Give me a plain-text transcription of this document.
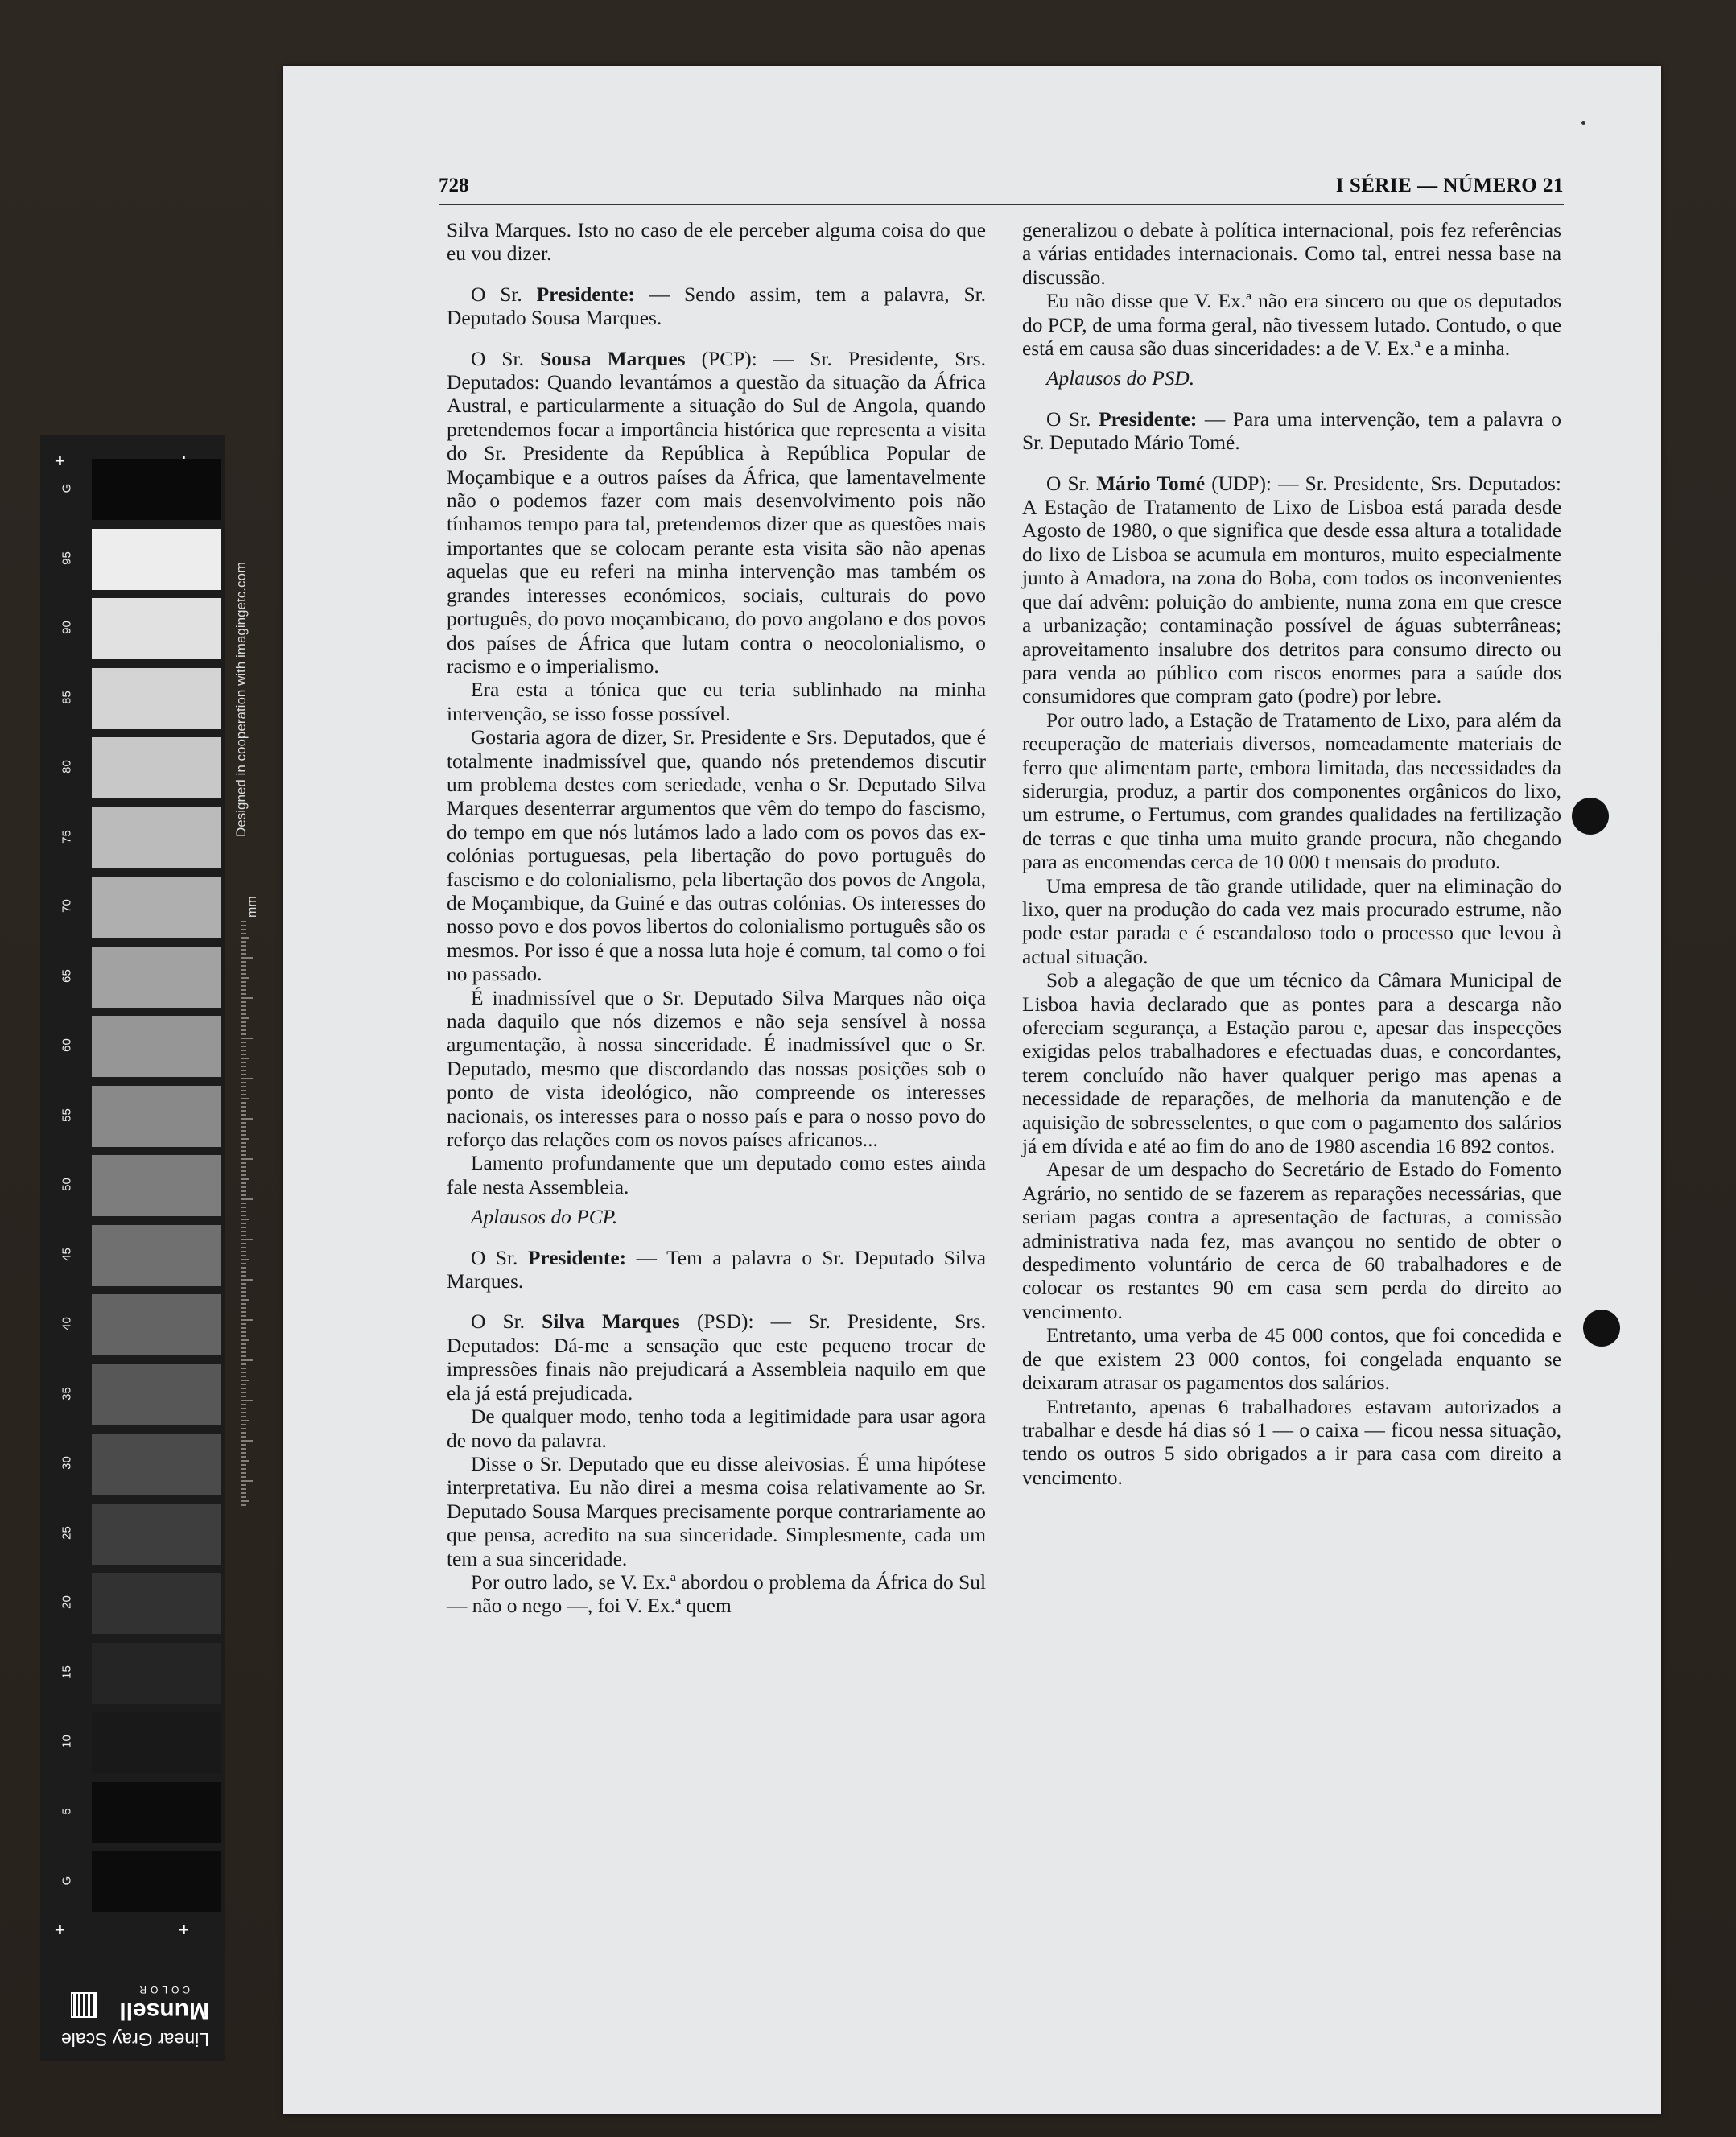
+
+	+
G
95
90
85
80
75
70
65
60
55
50
45
40
35
30
25
20
15
10
5
G
Designed in cooperation with imagingetc.com
mm
Linear Gray Scale
Munsell
COLOR
728	I SÉRIE — NÚMERO 21

Silva Marques. Isto no caso de ele perceber alguma coisa do que eu vou dizer.

O Sr. Presidente: — Sendo assim, tem a palavra, Sr. Deputado Sousa Marques.

O Sr. Sousa Marques (PCP): — Sr. Presidente, Srs. Deputados: Quando levantámos a questão da situação da África Austral, e particularmente a situação do Sul de Angola, quando pretendemos focar a importância histórica que representa a visita do Sr. Presidente da República à República Popular de Moçambique e a outros países da África, que lamentavelmente não o podemos fazer com mais desenvolvimento pois não tínhamos tempo para tal, pretendemos dizer que as questões mais importantes que se colocam perante esta visita são não apenas aquelas que eu referi na minha intervenção mas também os grandes interesses económicos, sociais, culturais do povo português, do povo moçambicano, do povo angolano e dos povos dos países de África que lutam contra o neocolonialismo, o racismo e o imperialismo.

Era esta a tónica que eu teria sublinhado na minha intervenção, se isso fosse possível.

Gostaria agora de dizer, Sr. Presidente e Srs. Deputados, que é totalmente inadmissível que, quando nós pretendemos discutir um problema destes com seriedade, venha o Sr. Deputado Silva Marques desenterrar argumentos que vêm do tempo do fascismo, do tempo em que nós lutámos lado a lado com os povos das ex-colónias portuguesas, pela libertação do povo português do fascismo e do colonialismo, pela libertação dos povos de Angola, de Moçambique, da Guiné e das outras colónias. Os interesses do nosso povo e dos povos libertos do colonialismo português são os mesmos. Por isso é que a nossa luta hoje é comum, tal como o foi no passado.

É inadmissível que o Sr. Deputado Silva Marques não oiça nada daquilo que nós dizemos e não seja sensível à nossa argumentação, à nossa sinceridade. É inadmissível que o Sr. Deputado, mesmo que discordando das nossas posições sob o ponto de vista ideológico, não compreende os interesses nacionais, os interesses para o nosso país e para o nosso povo do reforço das relações com os novos países africanos...

Lamento profundamente que um deputado como estes ainda fale nesta Assembleia.

Aplausos do PCP.

O Sr. Presidente: — Tem a palavra o Sr. Deputado Silva Marques.

O Sr. Silva Marques (PSD): — Sr. Presidente, Srs. Deputados: Dá-me a sensação que este pequeno trocar de impressões finais não prejudicará a Assembleia naquilo em que ela já está prejudicada.

De qualquer modo, tenho toda a legitimidade para usar agora de novo da palavra.

Disse o Sr. Deputado que eu disse aleivosias. É uma hipótese interpretativa. Eu não direi a mesma coisa relativamente ao Sr. Deputado Sousa Marques precisamente porque contrariamente ao que pensa, acredito na sua sinceridade. Simplesmente, cada um tem a sua sinceridade.

Por outro lado, se V. Ex.ª abordou o problema da África do Sul — não o nego —, foi V. Ex.ª quem

generalizou o debate à política internacional, pois fez referências a várias entidades internacionais. Como tal, entrei nessa base na discussão.

Eu não disse que V. Ex.ª não era sincero ou que os deputados do PCP, de uma forma geral, não tivessem lutado. Contudo, o que está em causa são duas sinceridades: a de V. Ex.ª e a minha.

Aplausos do PSD.

O Sr. Presidente: — Para uma intervenção, tem a palavra o Sr. Deputado Mário Tomé.

O Sr. Mário Tomé (UDP): — Sr. Presidente, Srs. Deputados: A Estação de Tratamento de Lixo de Lisboa está parada desde Agosto de 1980, o que significa que desde essa altura a totalidade do lixo de Lisboa se acumula em monturos, muito especialmente junto à Amadora, na zona do Boba, com todos os inconvenientes que daí advêm: poluição do ambiente, numa zona em que cresce a urbanização; contaminação possível de águas subterrâneas; aproveitamento insalubre dos detritos para consumo directo ou para venda ao público com riscos enormes para a saúde dos consumidores que compram gato (podre) por lebre.

Por outro lado, a Estação de Tratamento de Lixo, para além da recuperação de materiais diversos, nomeadamente materiais de ferro que alimentam parte, embora limitada, das necessidades da siderurgia, produz, a partir dos componentes orgânicos do lixo, um estrume, o Fertumus, com grandes qualidades na fertilização de terras e que tinha uma muito grande procura, não chegando para as encomendas cerca de 10 000 t mensais do produto.

Uma empresa de tão grande utilidade, quer na eliminação do lixo, quer na produção do cada vez mais procurado estrume, não pode estar parada e é escandaloso todo o processo que levou à actual situação.

Sob a alegação de que um técnico da Câmara Municipal de Lisboa havia declarado que as pontes para a descarga não ofereciam segurança, a Estação parou e, apesar das inspecções exigidas pelos trabalhadores e efectuadas duas, e concordantes, terem concluído não haver qualquer perigo mas apenas a necessidade de reparações, de melhoria da manutenção e de aquisição de sobresselentes, o que com o pagamento dos salários já em dívida e até ao fim do ano de 1980 ascendia 16 892 contos.

Apesar de um despacho do Secretário de Estado do Fomento Agrário, no sentido de se fazerem as reparações necessárias, que seriam pagas contra a apresentação de facturas, a comissão administrativa nada fez, mas avançou no sentido de obter o despedimento voluntário de cerca de 60 trabalhadores e de colocar os restantes 90 em casa sem perda do direito ao vencimento.

Entretanto, uma verba de 45 000 contos, que foi concedida e de que existem 23 000 contos, foi congelada enquanto se deixaram atrasar os pagamentos dos salários.

Entretanto, apenas 6 trabalhadores estavam autorizados a trabalhar e desde há dias só 1 — o caixa — ficou nessa situação, tendo os outros 5 sido obrigados a ir para casa com direito a vencimento.
